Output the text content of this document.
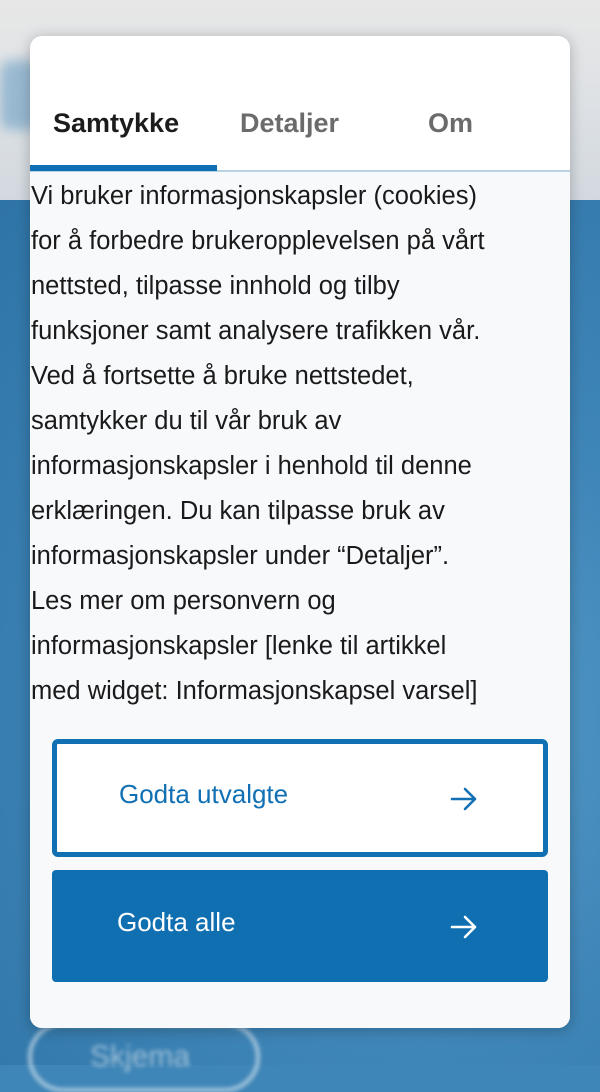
Skjema
Samtykke Detaljer	Om

Vi bruker informasjonskapsler (cookies)
for å forbedre brukeropplevelsen på vårt
nettsted, tilpasse innhold og tilby
funksjoner samt analysere trafikken vår.
Ved å fortsette å bruke nettstedet,
samtykker du til vår bruk av
informasjonskapsler i henhold til denne
erklæringen. Du kan tilpasse bruk av
informasjonskapsler under “Detaljer”.
Les mer om personvern og
informasjonskapsler [lenke til artikkel
med widget: Informasjonskapsel varsel]

Godta utvalgte
Godta alle
